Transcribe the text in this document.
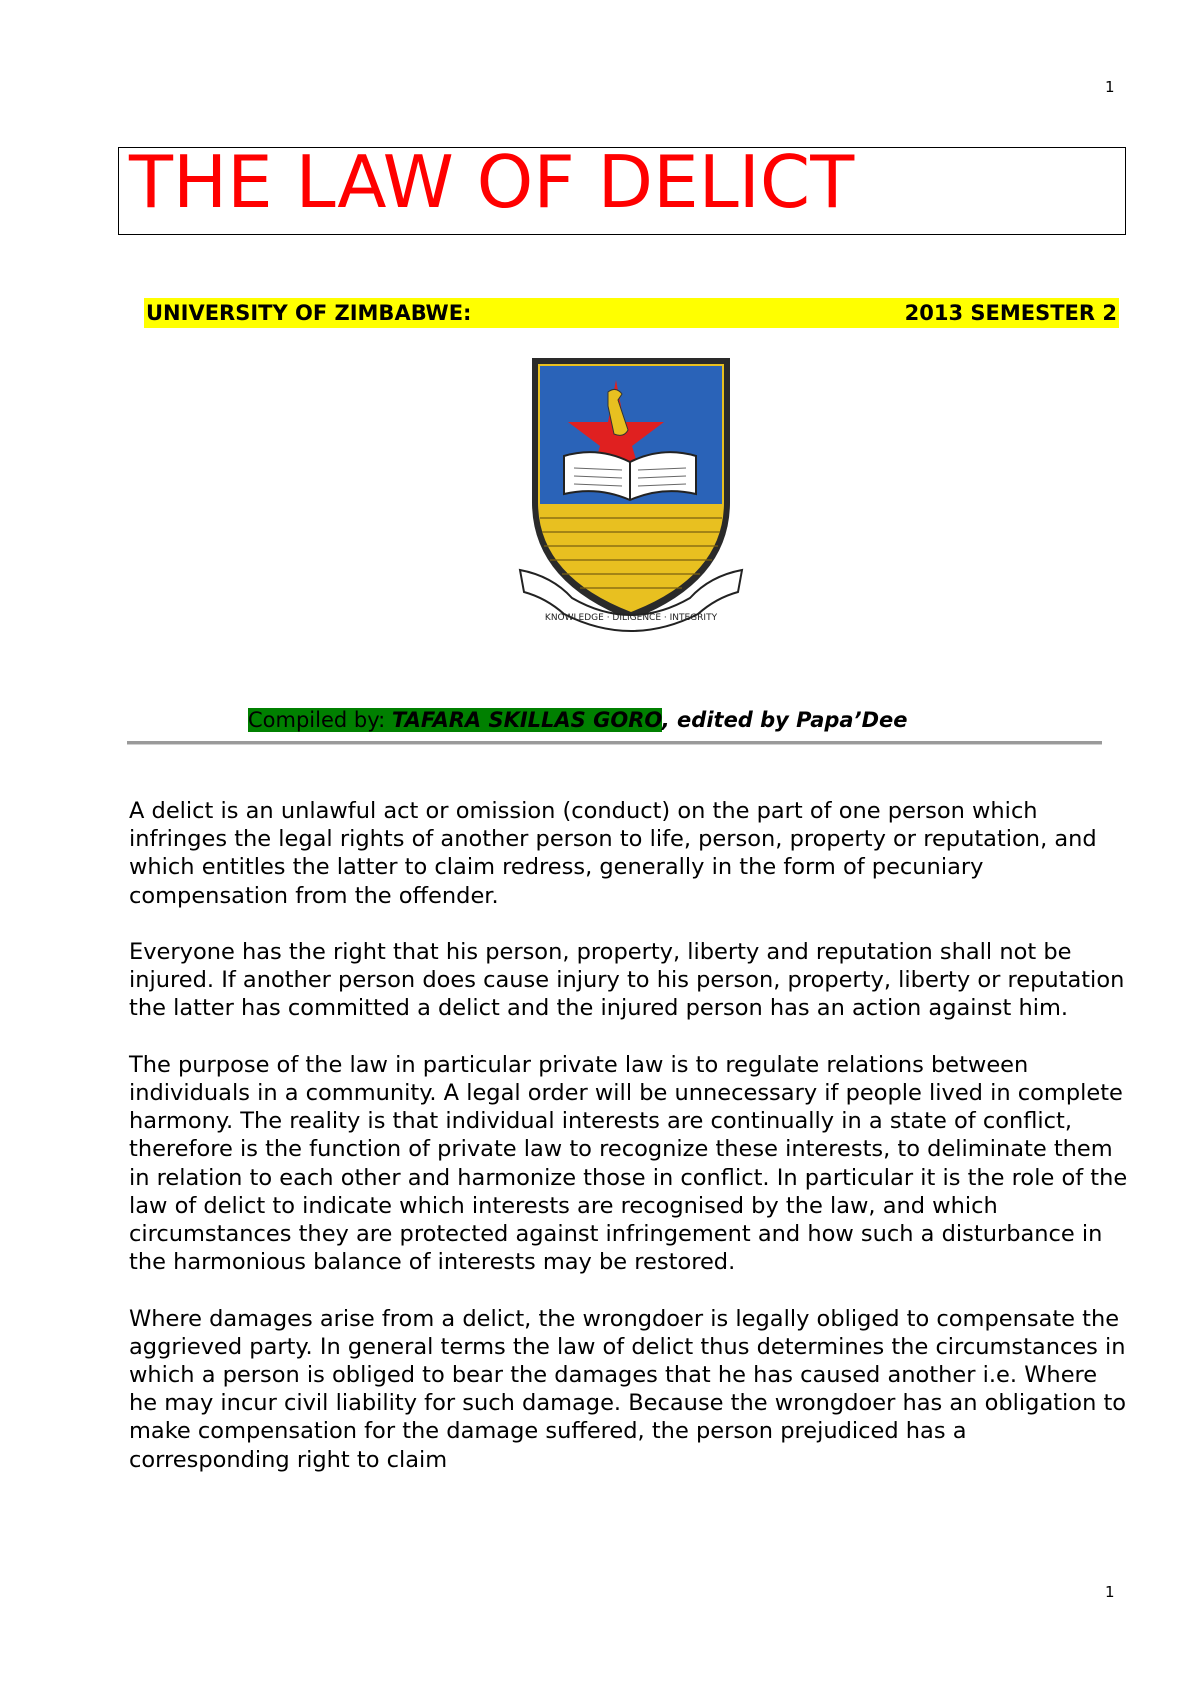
1
THE LAW OF DELICT
UNIVERSITY OF ZIMBABWE:	2013 SEMESTER 2
KNOWLEDGE · DILIGENCE · INTEGRITY
Compiled by: TAFARA SKILLAS GORO, edited by Papa’Dee

A delict is an unlawful act or omission (conduct) on the part of one person which infringes the legal rights of another person to life, person, property or reputation, and which entitles the latter to claim redress, generally in the form of pecuniary compensation from the offender.

Everyone has the right that his person, property, liberty and reputation shall not be injured. If another person does cause injury to his person, property, liberty or reputation the latter has committed a delict and the injured person has an action against him.

The purpose of the law in particular private law is to regulate relations between individuals in a community. A legal order will be unnecessary if people lived in complete harmony. The reality is that individual interests are continually in a state of conflict, therefore is the function of private law to recognize these interests, to deliminate them in relation to each other and harmonize those in conflict. In particular it is the role of the law of delict to indicate which interests are recognised by the law, and which circumstances they are protected against infringement and how such a disturbance in the harmonious balance of interests may be restored.

Where damages arise from a delict, the wrongdoer is legally obliged to compensate the aggrieved party. In general terms the law of delict thus determines the circumstances in which a person is obliged to bear the damages that he has caused another i.e. Where he may incur civil liability for such damage. Because the wrongdoer has an obligation to make compensation for the damage suffered, the person prejudiced has a corresponding right to claim

1
